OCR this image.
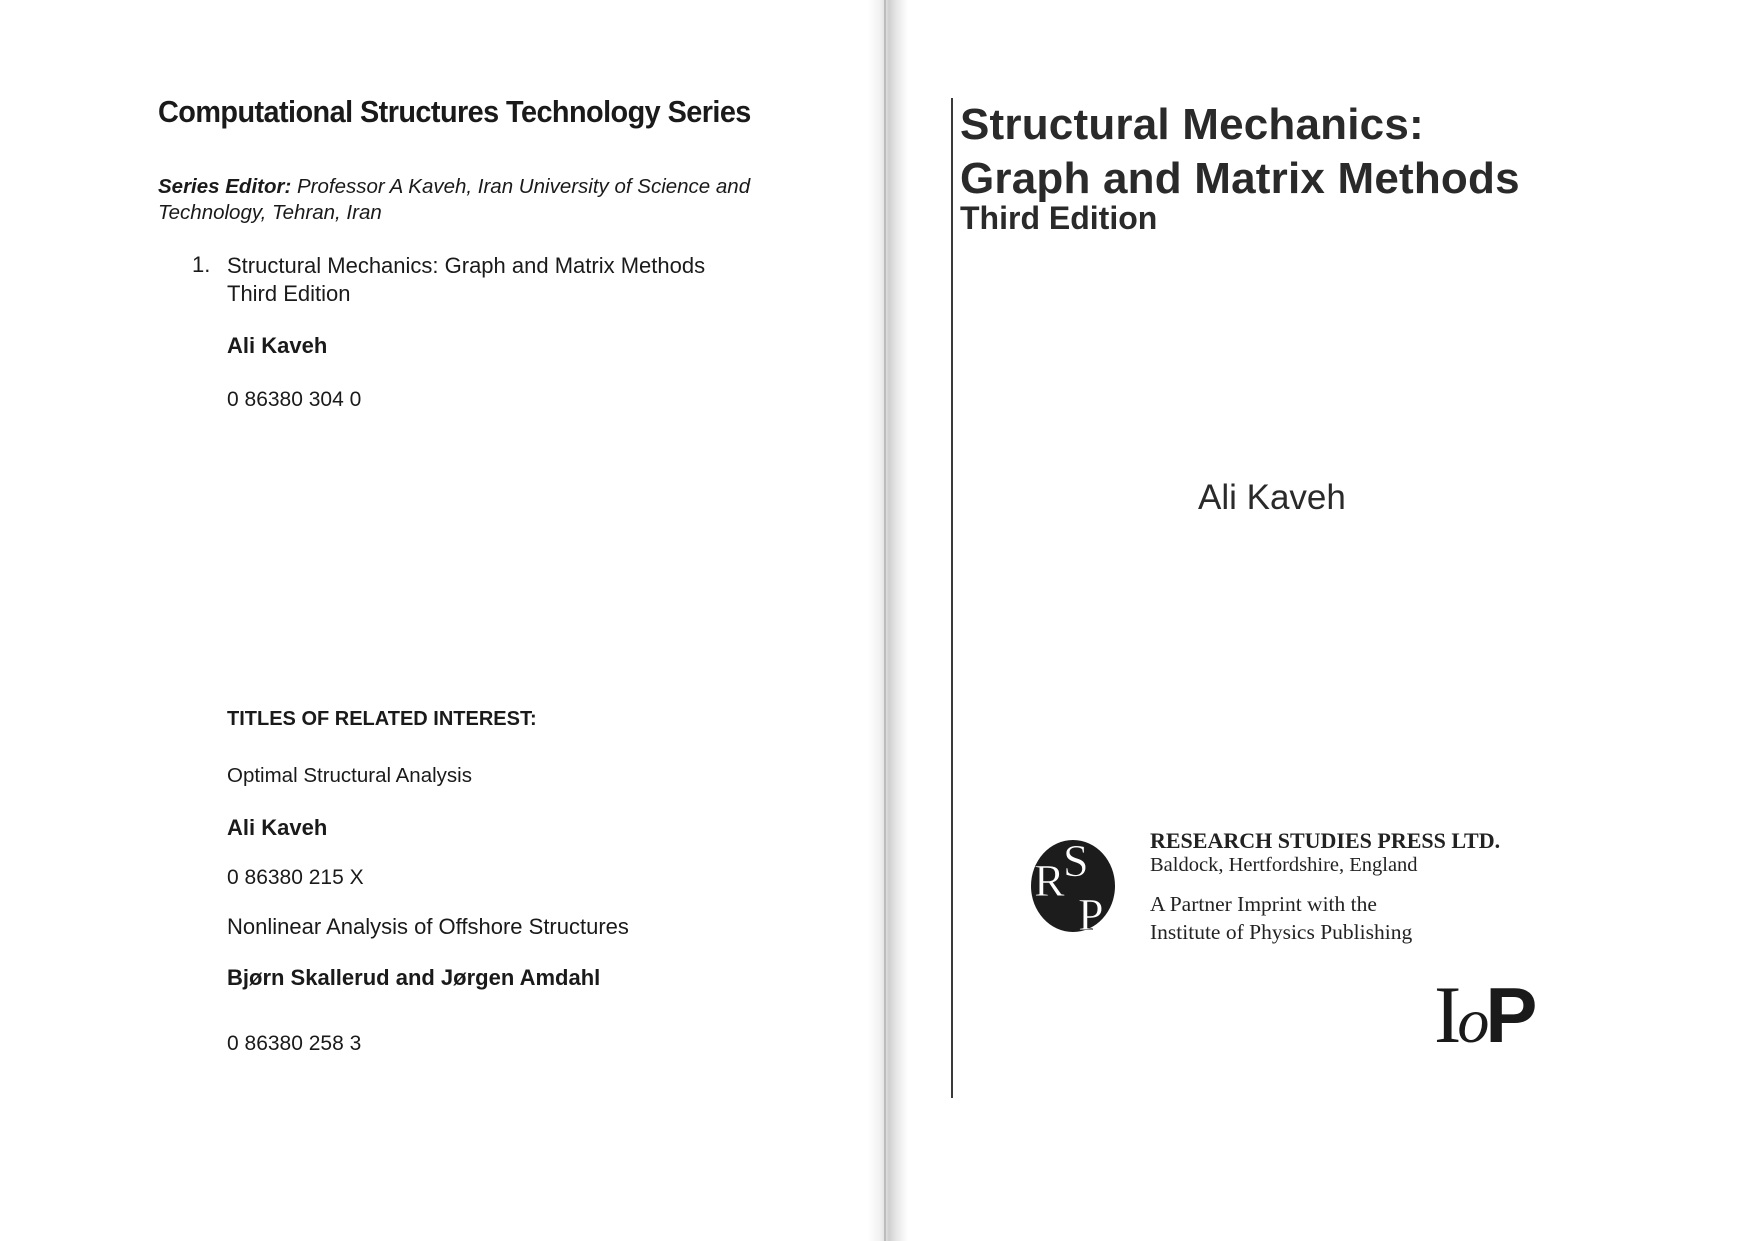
Computational Structures Technology Series

Series Editor: Professor A Kaveh, Iran University of Science and Technology, Tehran, Iran

1. Structural Mechanics: Graph and Matrix Methods
Third Edition
Ali Kaveh
0 86380 304 0
TITLES OF RELATED INTEREST:
Optimal Structural Analysis
Ali Kaveh
0 86380 215 X
Nonlinear Analysis of Offshore Structures
Bjørn Skallerud and Jørgen Amdahl
0 86380 258 3
Structural Mechanics:
Graph and Matrix Methods
Third Edition
Ali Kaveh
R
S
P
RESEARCH STUDIES PRESS LTD.
Baldock, Hertfordshire, England
A Partner Imprint with the
Institute of Physics Publishing
IoP
